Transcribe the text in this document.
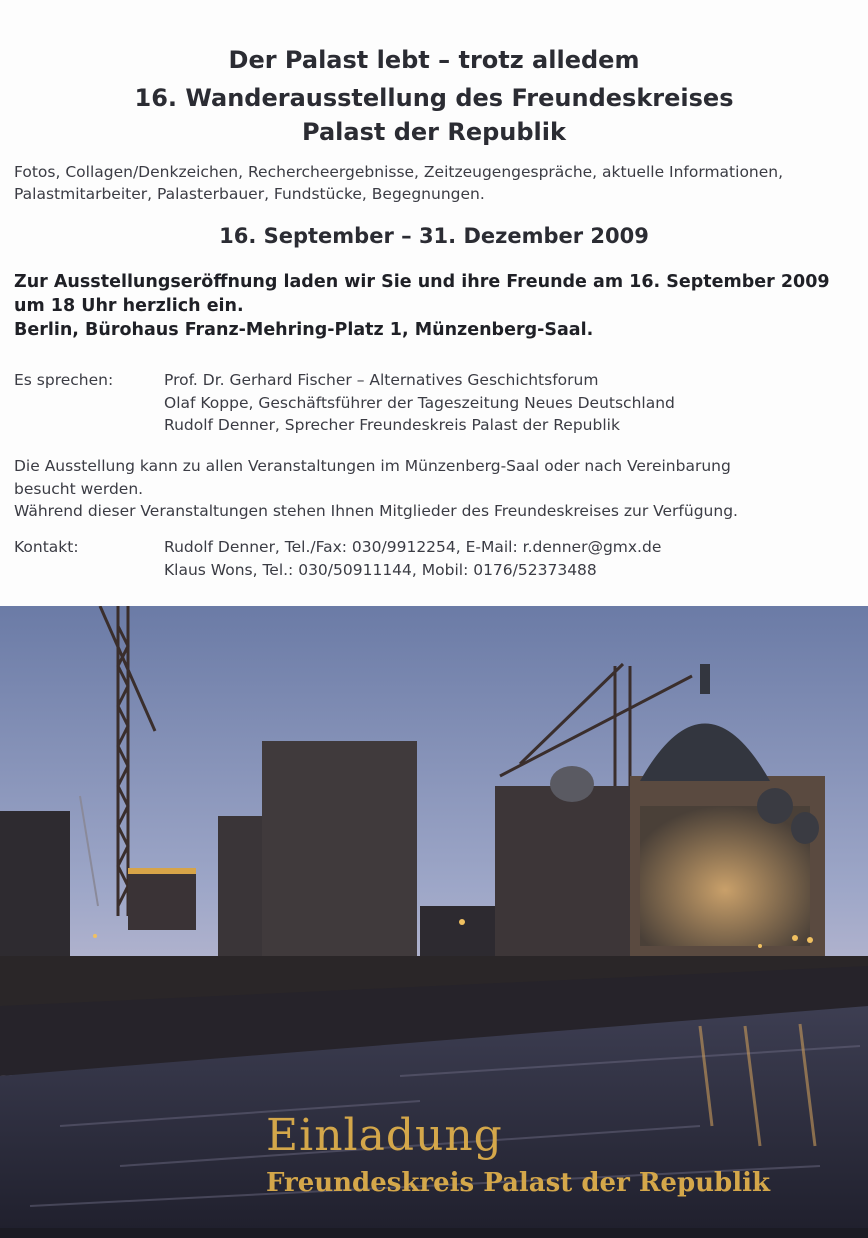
Der Palast lebt – trotz alledem
16. Wanderausstellung des Freundeskreises
Palast der Republik

Fotos, Collagen/Denkzeichen, Rechercheergebnisse, Zeitzeugengespräche, aktuelle Informationen,
Palastmitarbeiter, Palasterbauer, Fundstücke, Begegnungen.

16. September – 31. Dezember 2009

Zur Ausstellungseröffnung laden wir Sie und ihre Freunde am 16. September 2009
um 18 Uhr herzlich ein.
Berlin, Bürohaus Franz-Mehring-Platz 1, Münzenberg-Saal.

Es sprechen:	Prof. Dr. Gerhard Fischer – Alternatives Geschichtsforum
Olaf Koppe, Geschäftsführer der Tageszeitung Neues Deutschland
Rudolf Denner, Sprecher Freundeskreis Palast der Republik

Die Ausstellung kann zu allen Veranstaltungen im Münzenberg-Saal oder nach Vereinbarung
besucht werden.
Während dieser Veranstaltungen stehen Ihnen Mitglieder des Freundeskreises zur Verfügung.

Kontakt:	Rudolf Denner, Tel./Fax: 030/9912254, E-Mail: r.denner@gmx.de
Klaus Wons, Tel.: 030/50911144, Mobil: 0176/52373488
Einladung
Freundeskreis Palast der Republik
